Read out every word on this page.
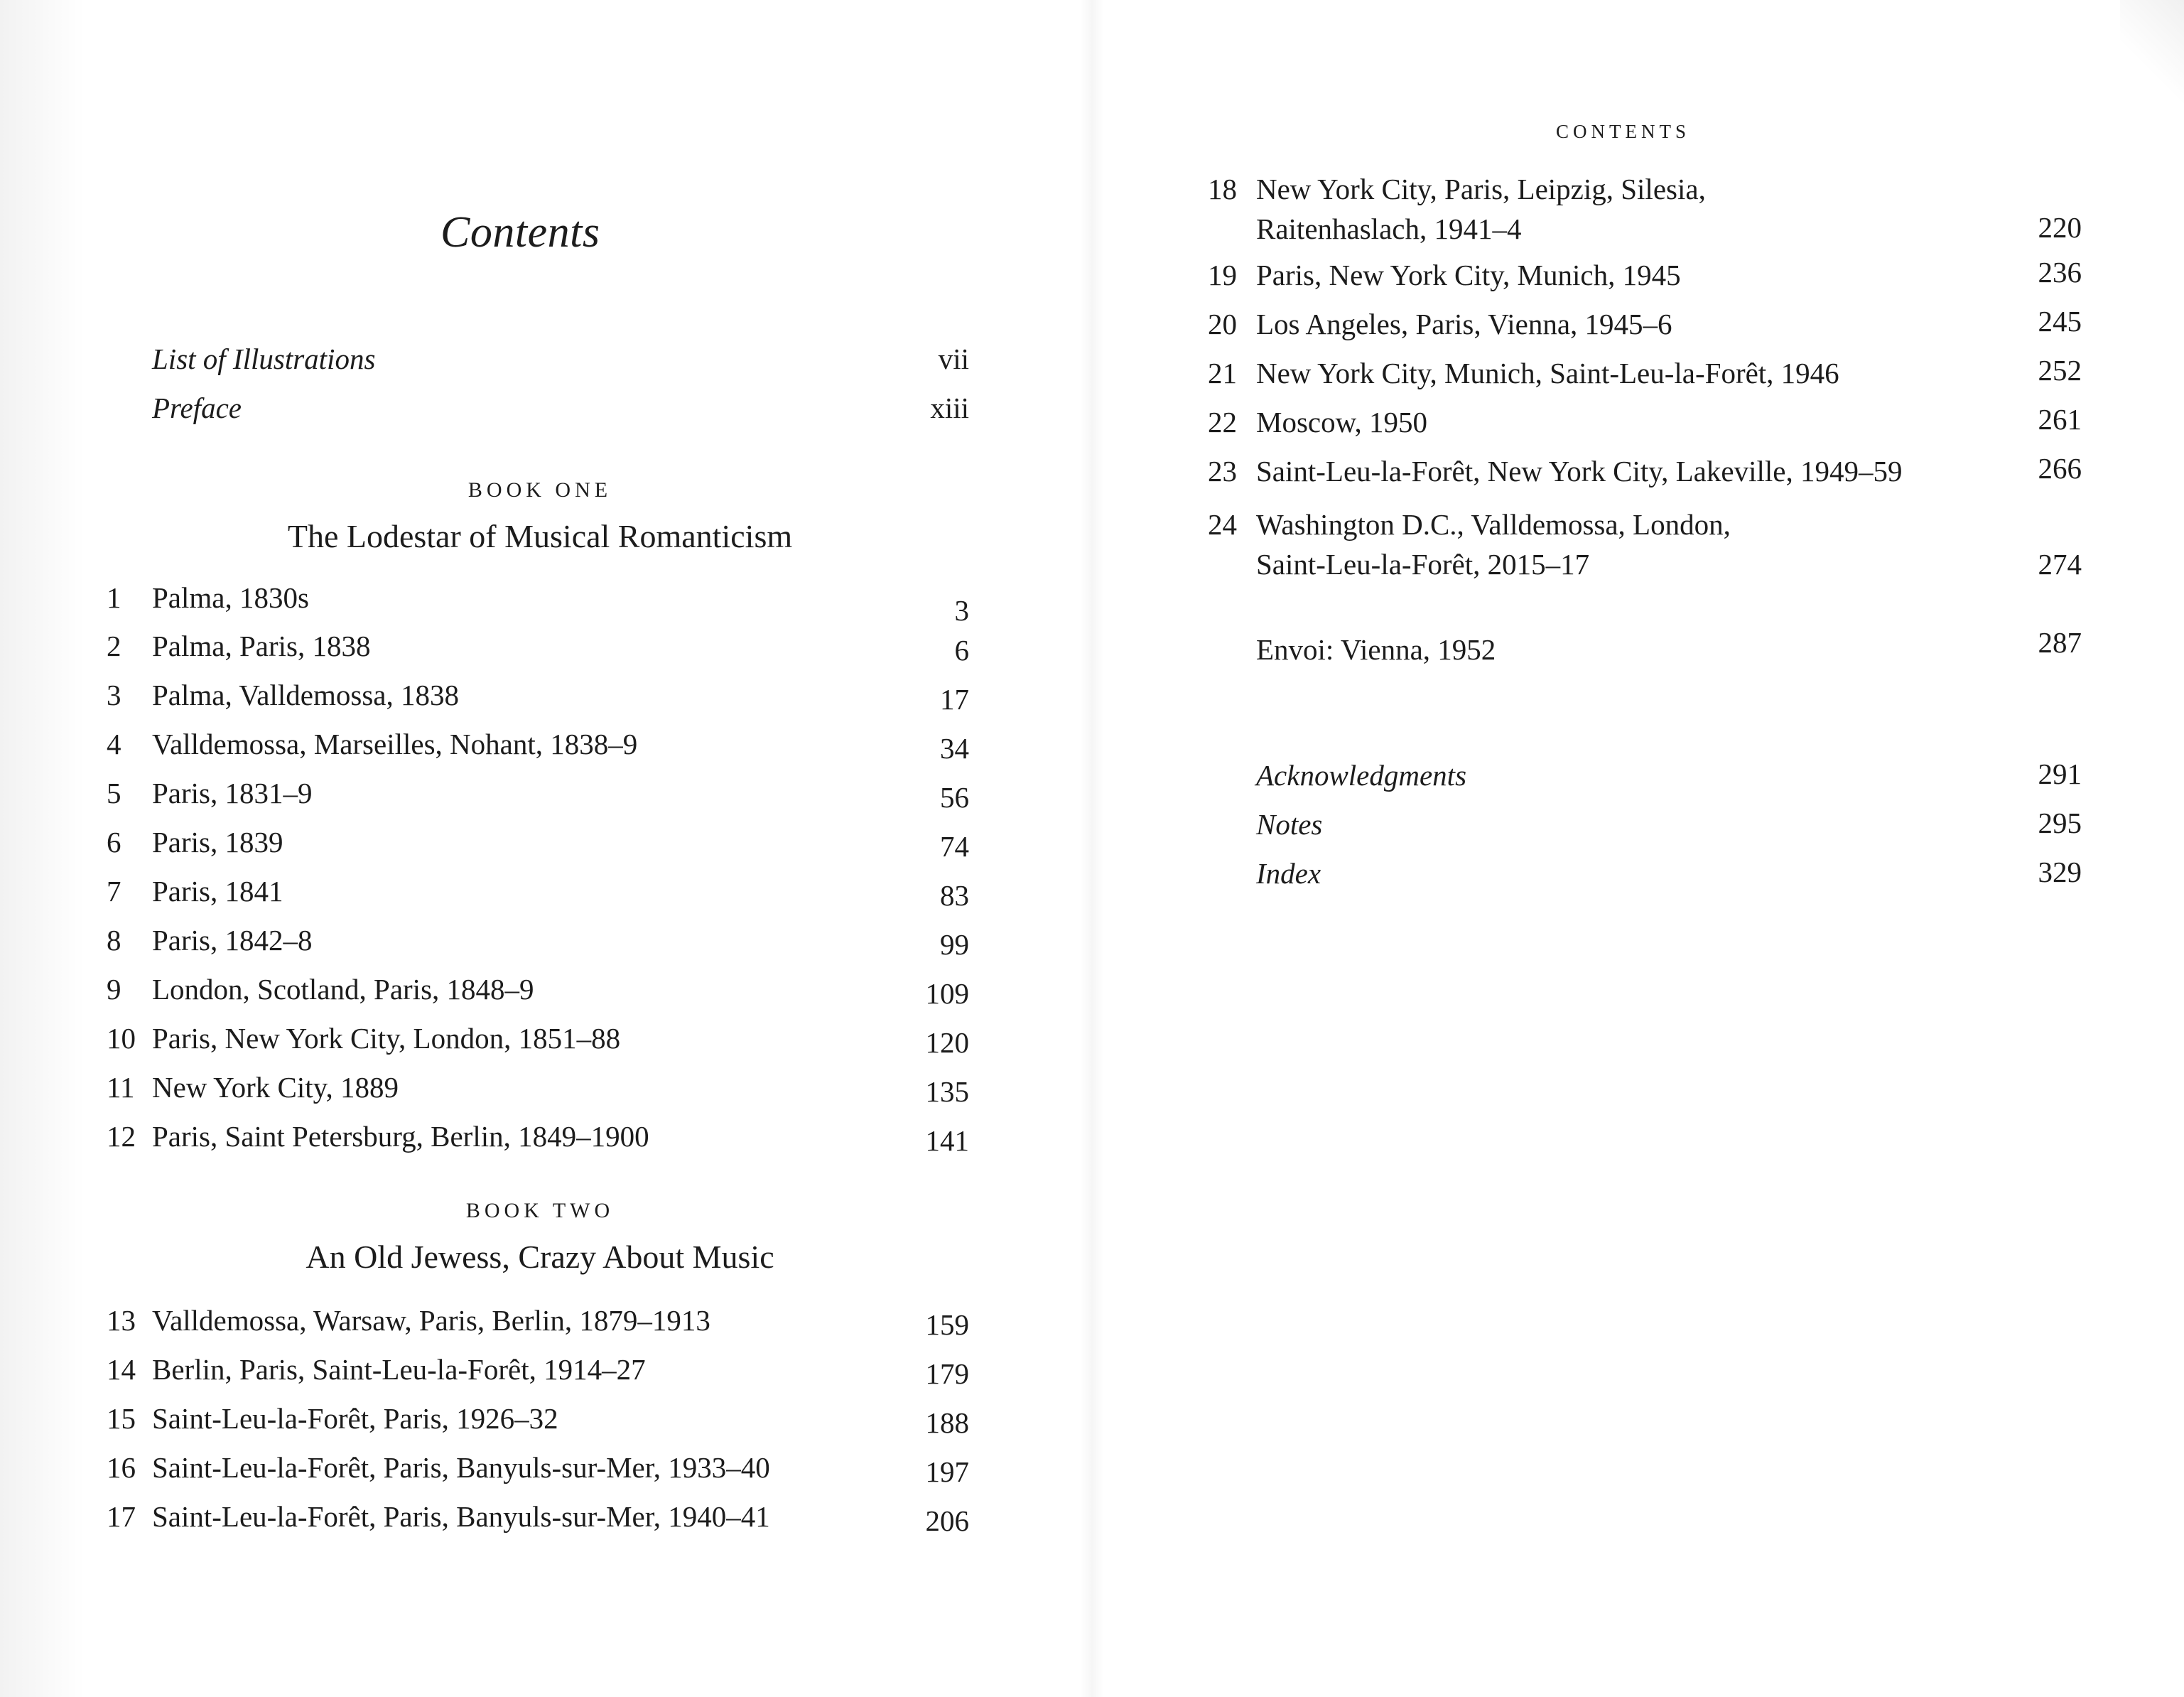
Contents
List of Illustrations	vii
Preface	xiii
BOOK ONE
The Lodestar of Musical Romanticism
1 Palma, 1830s	3
2 Palma, Paris, 1838	6
3 Palma, Valldemossa, 1838	17
4 Valldemossa, Marseilles, Nohant, 1838–9	34
5 Paris, 1831–9	56
6 Paris, 1839	74
7 Paris, 1841	83
8 Paris, 1842–8	99
9 London, Scotland, Paris, 1848–9	109
10 Paris, New York City, London, 1851–88	120
11 New York City, 1889	135
12 Paris, Saint Petersburg, Berlin, 1849–1900	141
BOOK TWO
An Old Jewess, Crazy About Music
13 Valldemossa, Warsaw, Paris, Berlin, 1879–1913	159
14 Berlin, Paris, Saint-Leu-la-Forêt, 1914–27	179
15 Saint-Leu-la-Forêt, Paris, 1926–32	188
16 Saint-Leu-la-Forêt, Paris, Banyuls-sur-Mer, 1933–40	197
17 Saint-Leu-la-Forêt, Paris, Banyuls-sur-Mer, 1940–41	206
CONTENTS
18 New York City, Paris, Leipzig, Silesia,
Raitenhaslach, 1941–4	220
19 Paris, New York City, Munich, 1945	236
20 Los Angeles, Paris, Vienna, 1945–6	245
21 New York City, Munich, Saint-Leu-la-Forêt, 1946	252
22 Moscow, 1950	261
23 Saint-Leu-la-Forêt, New York City, Lakeville, 1949–59	266
24 Washington D.C., Valldemossa, London,
Saint-Leu-la-Forêt, 2015–17	274
Envoi: Vienna, 1952	287
Acknowledgments	291
Notes	295
Index	329
